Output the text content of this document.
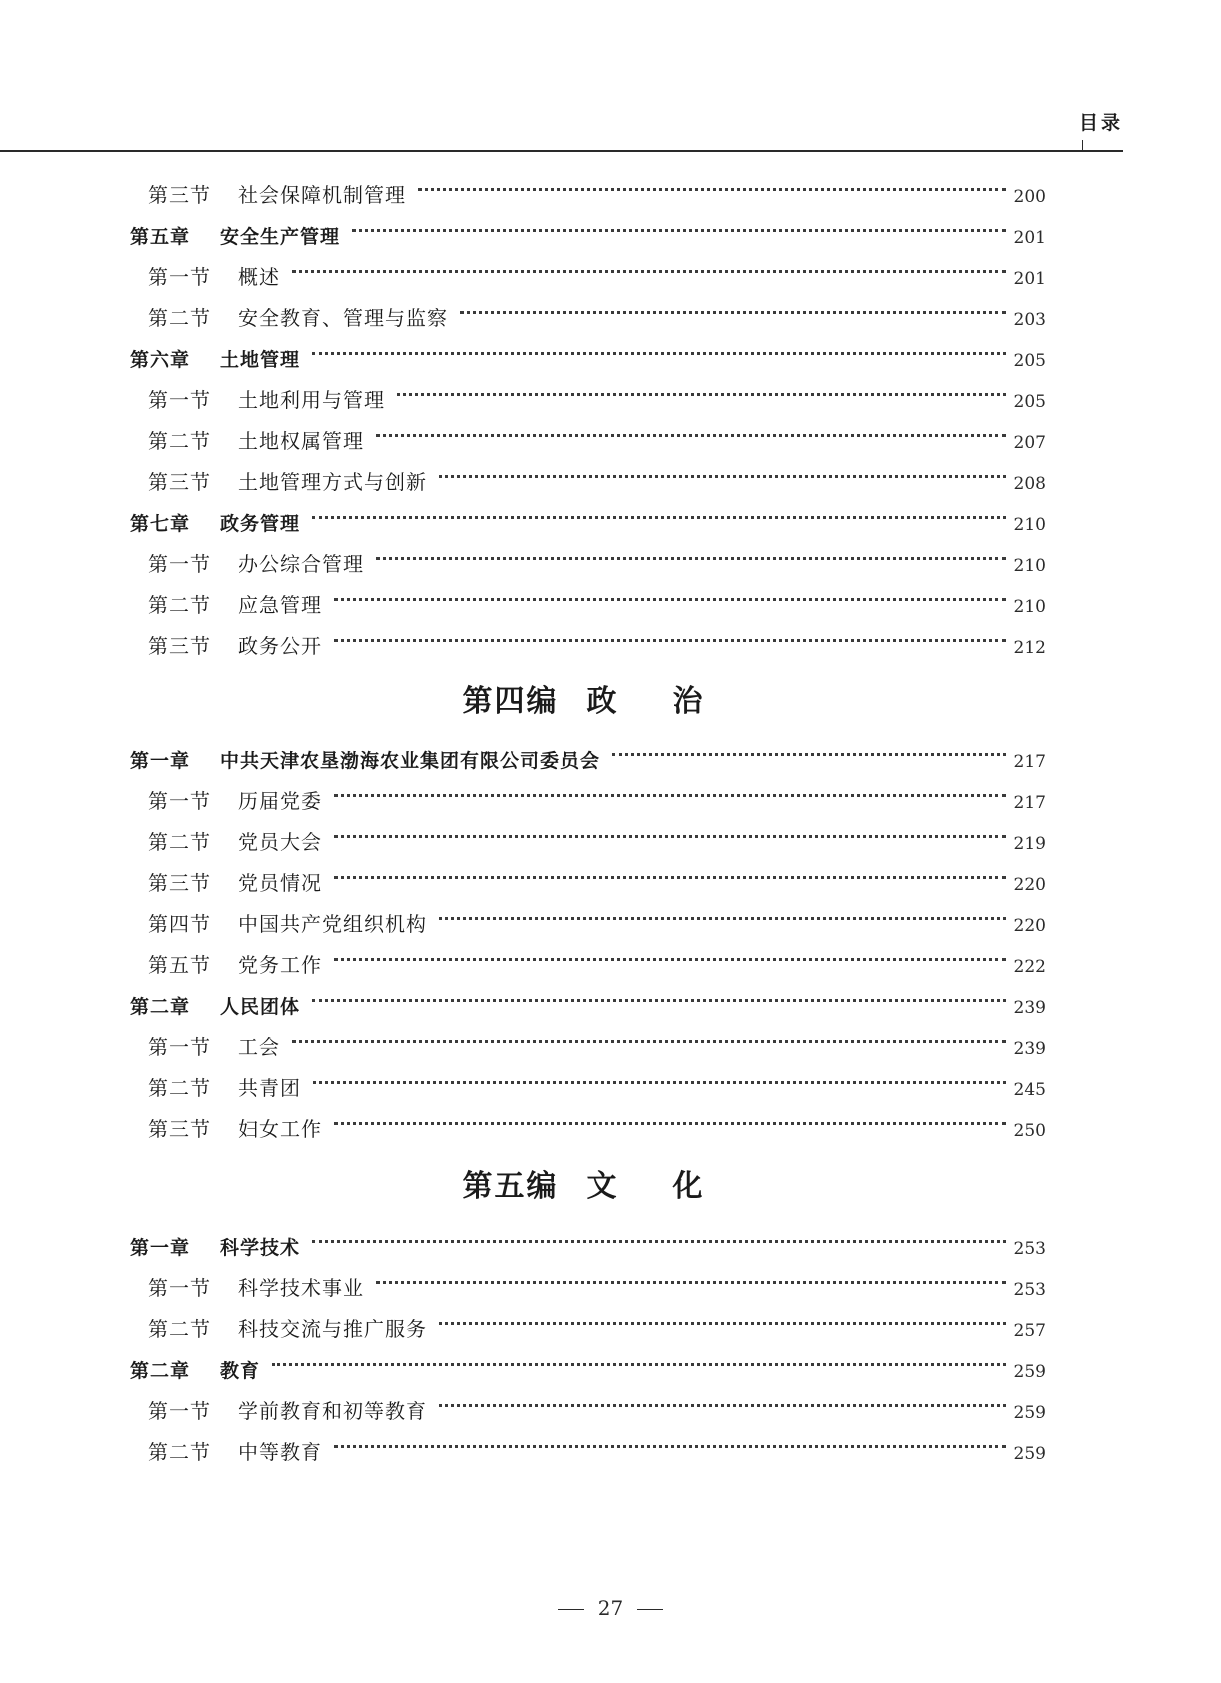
目录
第四编 政治
第五编 文化
27
第三节	社会保障机制管理	200
第五章	安全生产管理	201
第一节	概述	201
第二节	安全教育、管理与监察	203
第六章	土地管理	205
第一节	土地利用与管理	205
第二节	土地权属管理	207
第三节	土地管理方式与创新	208
第七章	政务管理	210
第一节	办公综合管理	210
第二节	应急管理	210
第三节	政务公开	212
第一章	中共天津农垦渤海农业集团有限公司委员会	217
第一节	历届党委	217
第二节	党员大会	219
第三节	党员情况	220
第四节	中国共产党组织机构	220
第五节	党务工作	222
第二章	人民团体	239
第一节	工会	239
第二节	共青团	245
第三节	妇女工作	250
第一章	科学技术	253
第一节	科学技术事业	253
第二节	科技交流与推广服务	257
第二章	教育	259
第一节	学前教育和初等教育	259
第二节	中等教育	259
